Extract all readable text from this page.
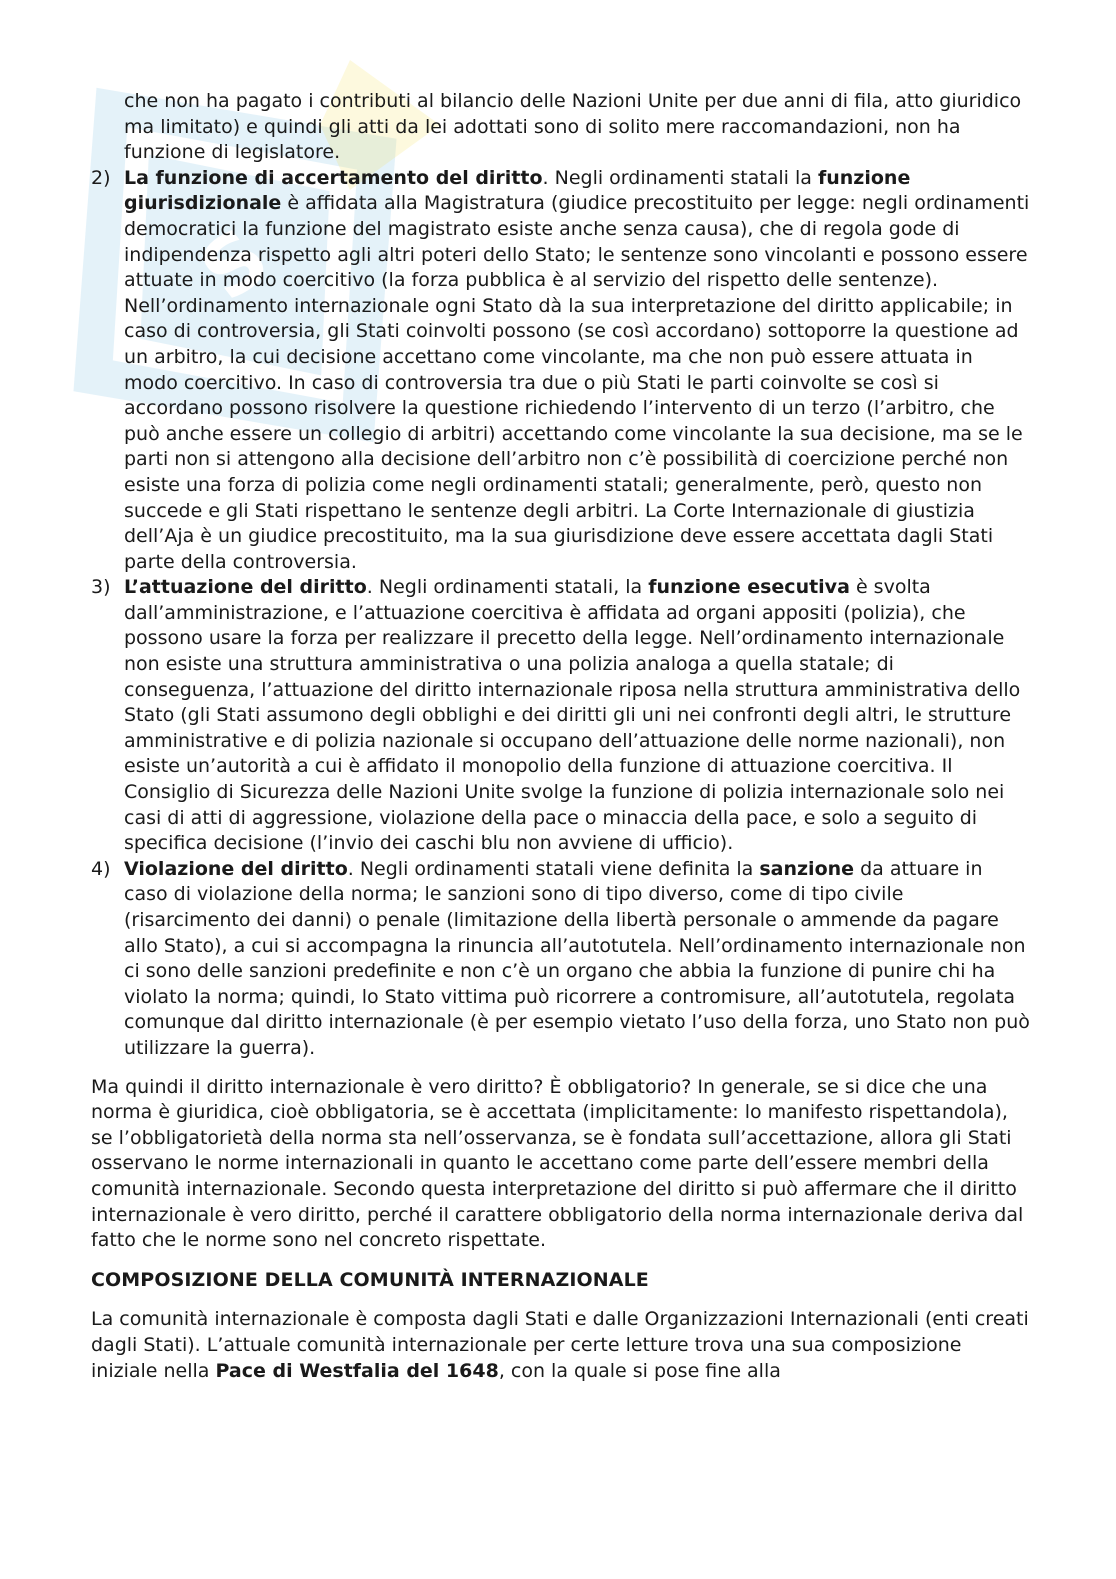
S

che non ha pagato i contributi al bilancio delle Nazioni Unite per due anni di fila, atto giuridico ma limitato) e quindi gli atti da lei adottati sono di solito mere raccomandazioni, non ha funzione di legislatore.

2) La funzione di accertamento del diritto. Negli ordinamenti statali la funzione giurisdizionale è affidata alla Magistratura (giudice precostituito per legge: negli ordinamenti democratici la funzione del magistrato esiste anche senza causa), che di regola gode di indipendenza rispetto agli altri poteri dello Stato; le sentenze sono vincolanti e possono essere attuate in modo coercitivo (la forza pubblica è al servizio del rispetto delle sentenze). Nell’ordinamento internazionale ogni Stato dà la sua interpretazione del diritto applicabile; in caso di controversia, gli Stati coinvolti possono (se così accordano) sottoporre la questione ad un arbitro, la cui decisione accettano come vincolante, ma che non può essere attuata in modo coercitivo. In caso di controversia tra due o più Stati le parti coinvolte se così si accordano possono risolvere la questione richiedendo l’intervento di un terzo (l’arbitro, che può anche essere un collegio di arbitri) accettando come vincolante la sua decisione, ma se le parti non si attengono alla decisione dell’arbitro non c’è possibilità di coercizione perché non esiste una forza di polizia come negli ordinamenti statali; generalmente, però, questo non succede e gli Stati rispettano le sentenze degli arbitri. La Corte Internazionale di giustizia dell’Aja è un giudice precostituito, ma la sua giurisdizione deve essere accettata dagli Stati parte della controversia.
3) L’attuazione del diritto. Negli ordinamenti statali, la funzione esecutiva è svolta dall’amministrazione, e l’attuazione coercitiva è affidata ad organi appositi (polizia), che possono usare la forza per realizzare il precetto della legge. Nell’ordinamento internazionale non esiste una struttura amministrativa o una polizia analoga a quella statale; di conseguenza, l’attuazione del diritto internazionale riposa nella struttura amministrativa dello Stato (gli Stati assumono degli obblighi e dei diritti gli uni nei confronti degli altri, le strutture amministrative e di polizia nazionale si occupano dell’attuazione delle norme nazionali), non esiste un’autorità a cui è affidato il monopolio della funzione di attuazione coercitiva. Il Consiglio di Sicurezza delle Nazioni Unite svolge la funzione di polizia internazionale solo nei casi di atti di aggressione, violazione della pace o minaccia della pace, e solo a seguito di specifica decisione (l’invio dei caschi blu non avviene di ufficio).
4) Violazione del diritto. Negli ordinamenti statali viene definita la sanzione da attuare in caso di violazione della norma; le sanzioni sono di tipo diverso, come di tipo civile (risarcimento dei danni) o penale (limitazione della libertà personale o ammende da pagare allo Stato), a cui si accompagna la rinuncia all’autotutela. Nell’ordinamento internazionale non ci sono delle sanzioni predefinite e non c’è un organo che abbia la funzione di punire chi ha violato la norma; quindi, lo Stato vittima può ricorrere a contromisure, all’autotutela, regolata comunque dal diritto internazionale (è per esempio vietato l’uso della forza, uno Stato non può utilizzare la guerra).

Ma quindi il diritto internazionale è vero diritto? È obbligatorio? In generale, se si dice che una norma è giuridica, cioè obbligatoria, se è accettata (implicitamente: lo manifesto rispettandola), se l’obbligatorietà della norma sta nell’osservanza, se è fondata sull’accettazione, allora gli Stati osservano le norme internazionali in quanto le accettano come parte dell’essere membri della comunità internazionale. Secondo questa interpretazione del diritto si può affermare che il diritto internazionale è vero diritto, perché il carattere obbligatorio della norma internazionale deriva dal fatto che le norme sono nel concreto rispettate.

COMPOSIZIONE DELLA COMUNITÀ INTERNAZIONALE

La comunità internazionale è composta dagli Stati e dalle Organizzazioni Internazionali (enti creati dagli Stati). L’attuale comunità internazionale per certe letture trova una sua composizione iniziale nella Pace di Westfalia del 1648, con la quale si pose fine alla
